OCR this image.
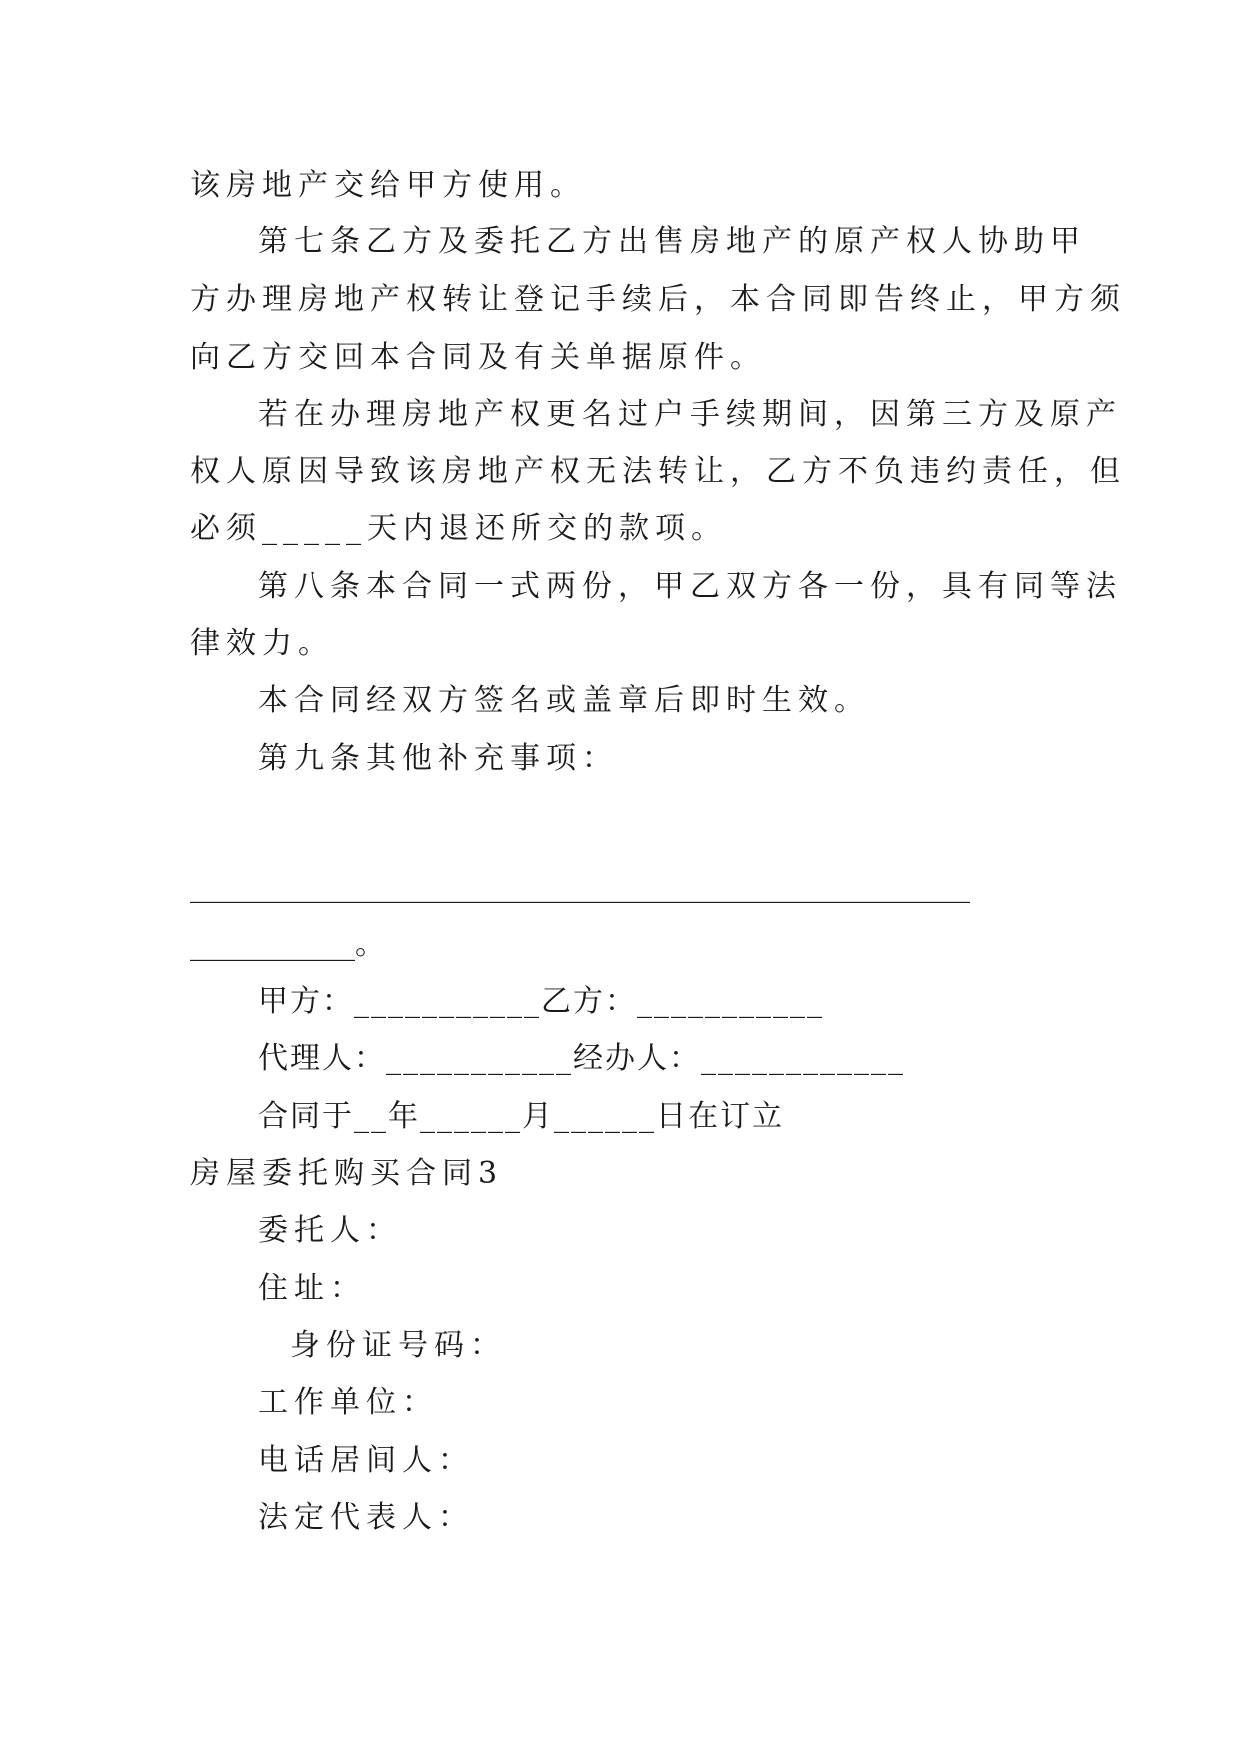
该房地产交给甲方使用。

第七条乙方及委托乙方出售房地产的原产权人协助甲

方办理房地产权转让登记手续后，本合同即告终止，甲方须

向乙方交回本合同及有关单据原件。

若在办理房地产权更名过户手续期间，因第三方及原产

权人原因导致该房地产权无法转让，乙方不负违约责任，但

必须_____天内退还所交的款项。

第八条本合同一式两份，甲乙双方各一份，具有同等法

律效力。

本合同经双方签名或盖章后即时生效。

第九条其他补充事项：

____________________________________________________

___________。

甲方：___________乙方：___________

代理人：___________经办人：____________

合同于__年______月______日在订立

房屋委托购买合同3

委托人：

住址：

身份证号码：

工作单位：

电话居间人：

法定代表人：
